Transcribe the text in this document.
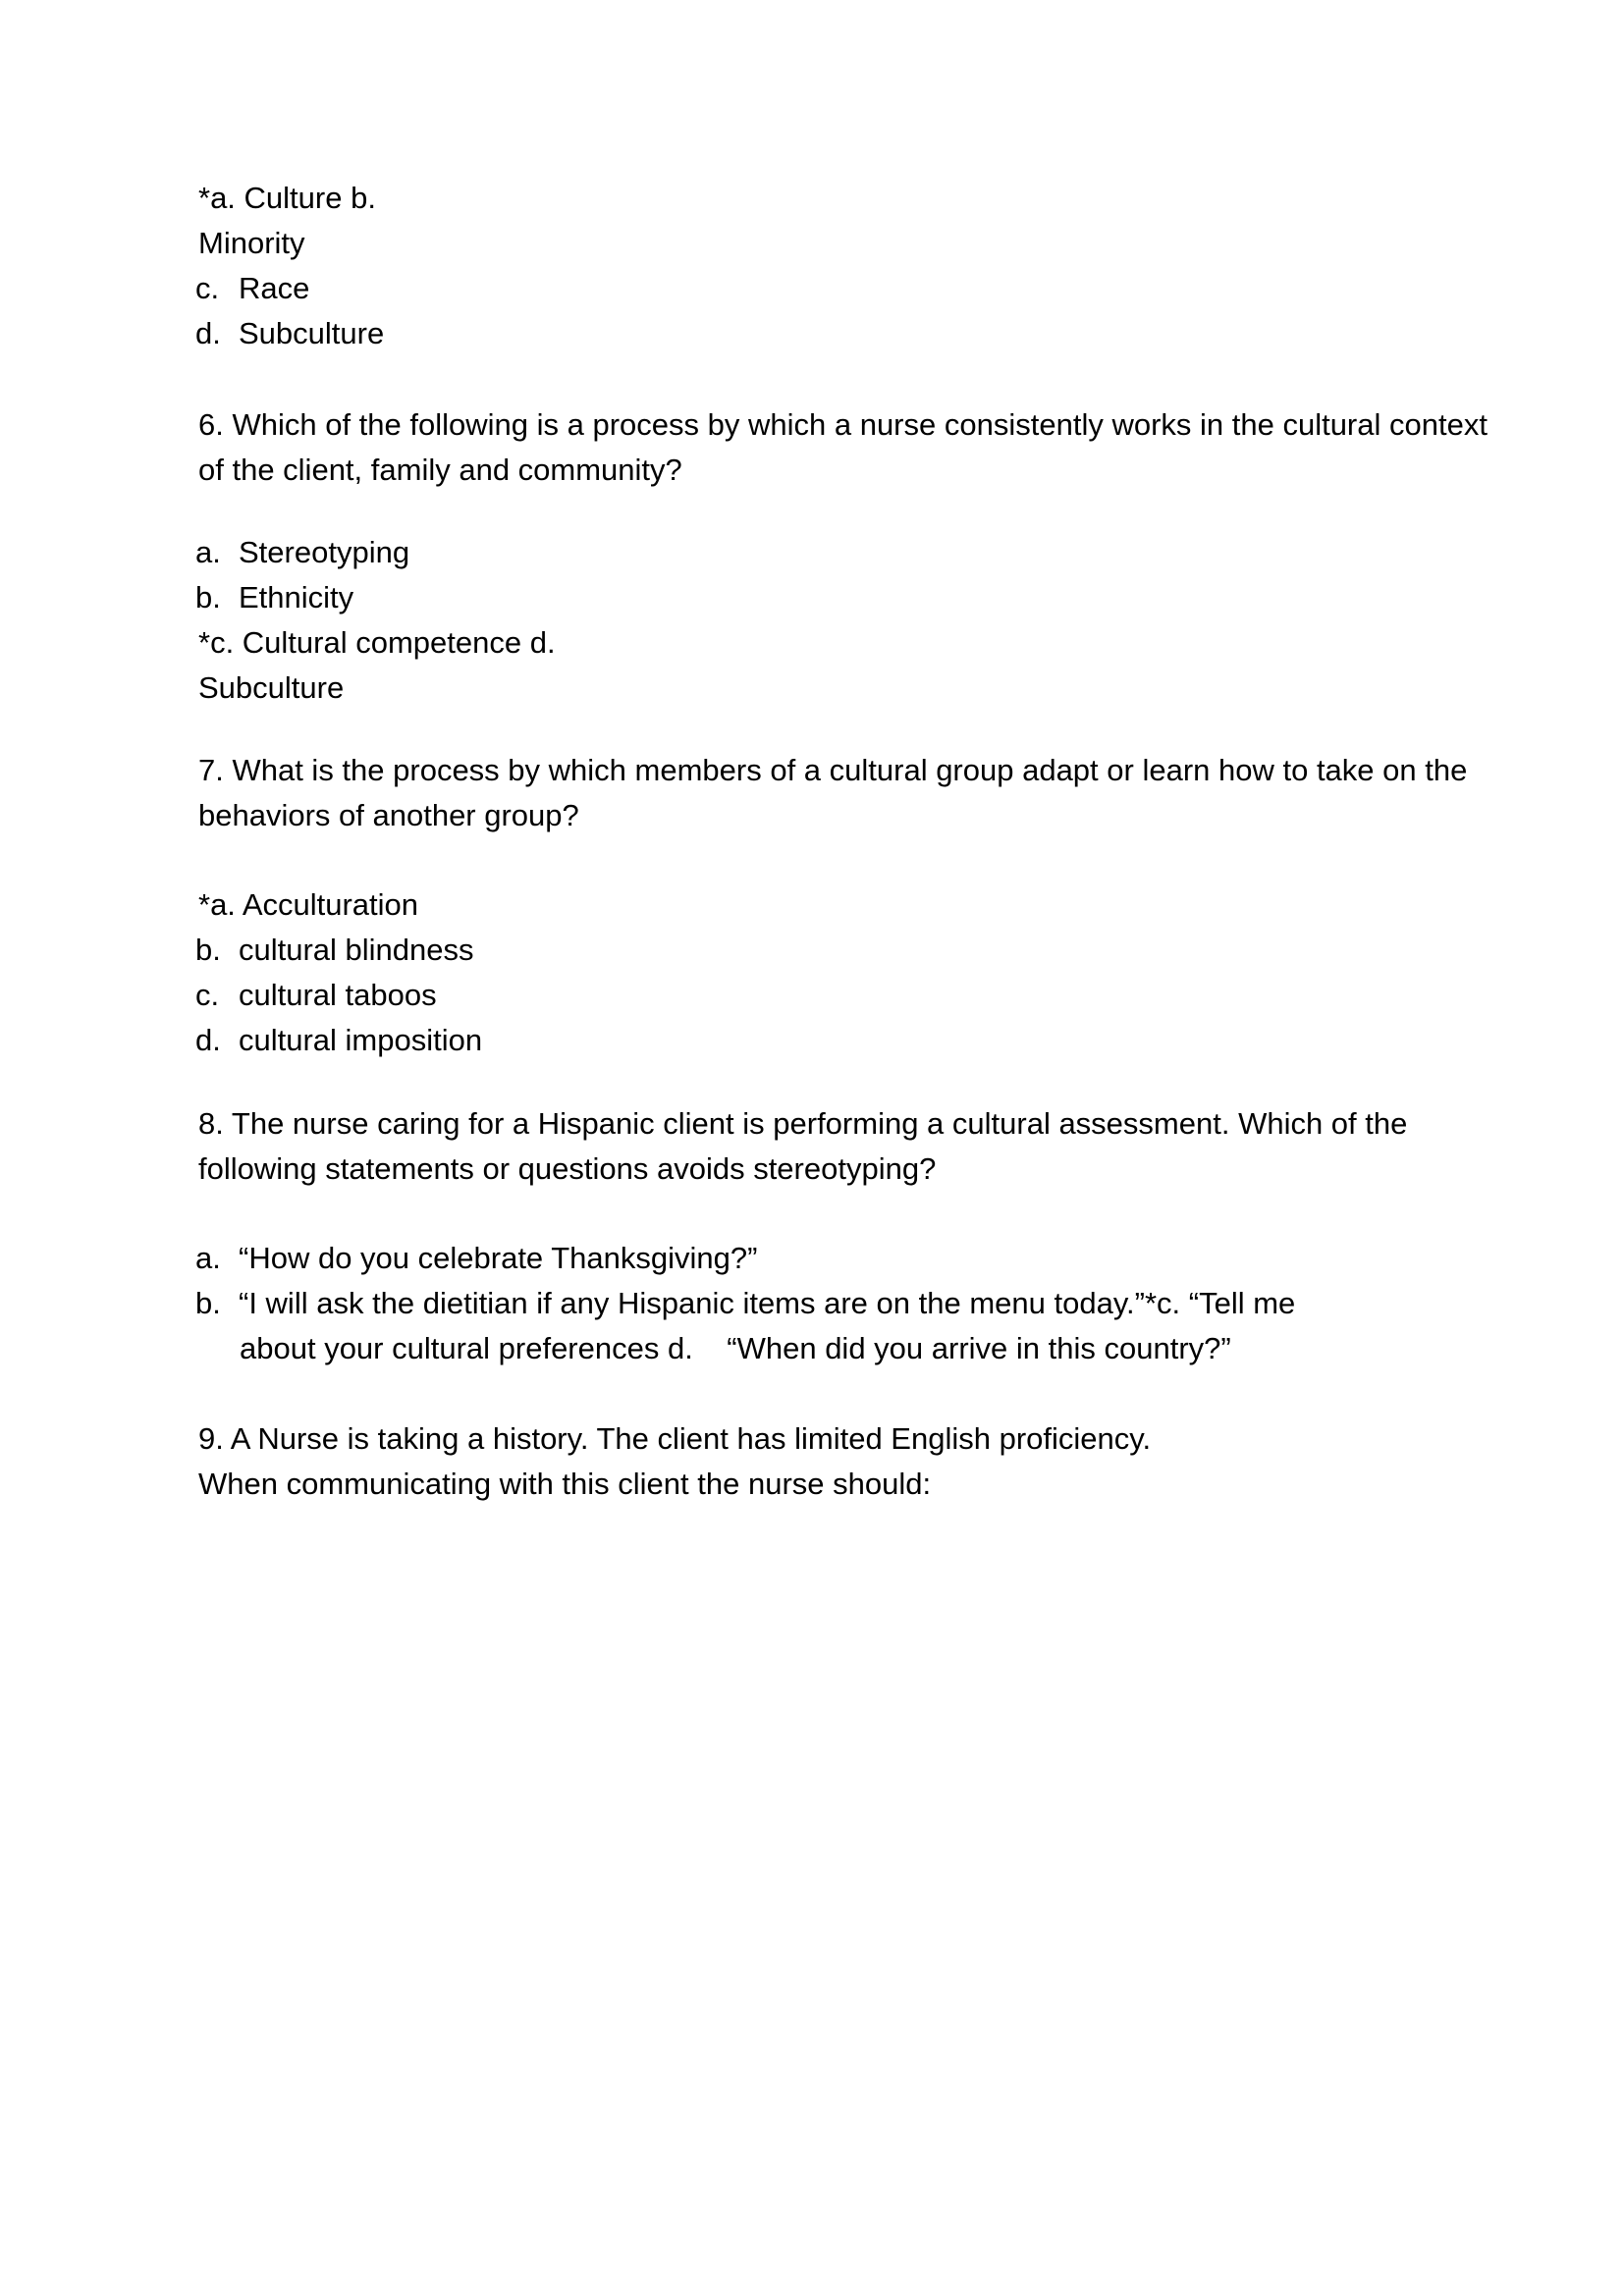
*a. Culture b.
Minority
c. Race
d. Subculture
6. Which of the following is a process by which a nurse consistently works in the cultural context
of the client, family and community?
a. Stereotyping
b. Ethnicity
*c. Cultural competence d.
Subculture
7. What is the process by which members of a cultural group adapt or learn how to take on the
behaviors of another group?
*a. Acculturation
b. cultural blindness
c. cultural taboos
d. cultural imposition
8. The nurse caring for a Hispanic client is performing a cultural assessment. Which of the
following statements or questions avoids stereotyping?
a. “How do you celebrate Thanksgiving?”
b. “I will ask the dietitian if any Hispanic items are on the menu today.”*c. “Tell me
about your cultural preferences d.    “When did you arrive in this country?”
9. A Nurse is taking a history. The client has limited English proficiency.
When communicating with this client the nurse should:
